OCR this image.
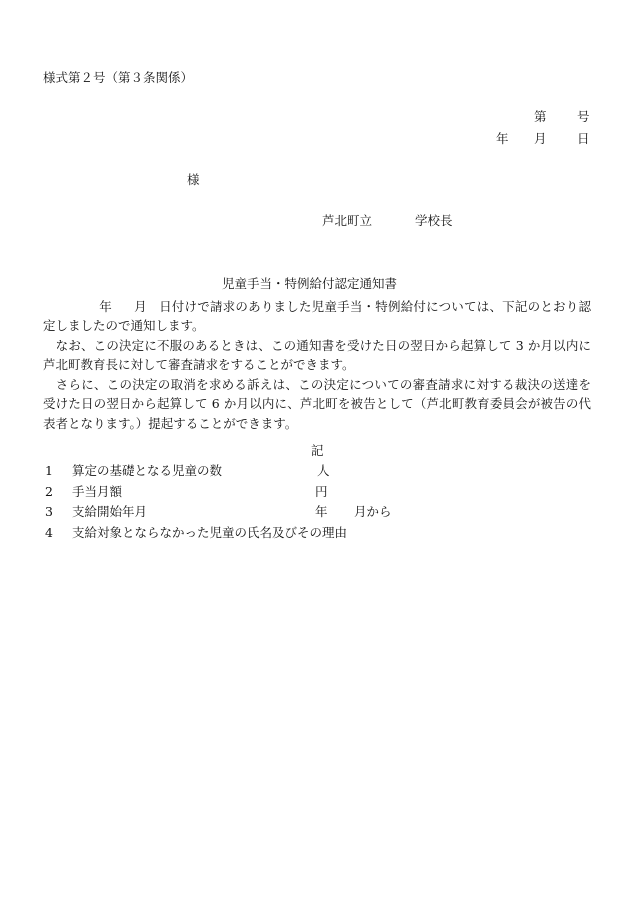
様式第２号（第３条関係）
第 号
年 月 日
様
芦北町立	学校長
児童手当・特例給付認定通知書
年 月 日付けで請求のありました児童手当・特例給付については、下記のとおり認定しましたので通知します。
　なお、この決定に不服のあるときは、この通知書を受けた日の翌日から起算して 3 か月以内に芦北町教育長に対して審査請求をすることができます。
　さらに、この決定の取消を求める訴えは、この決定についての審査請求に対する裁決の送達を受けた日の翌日から起算して 6 か月以内に、芦北町を被告として（芦北町教育委員会が被告の代表者となります。）提起することができます。
記
1 算定の基礎となる児童の数	人
2 手当月額	円
3 支給開始年月	年 月から
4 支給対象とならなかった児童の氏名及びその理由
